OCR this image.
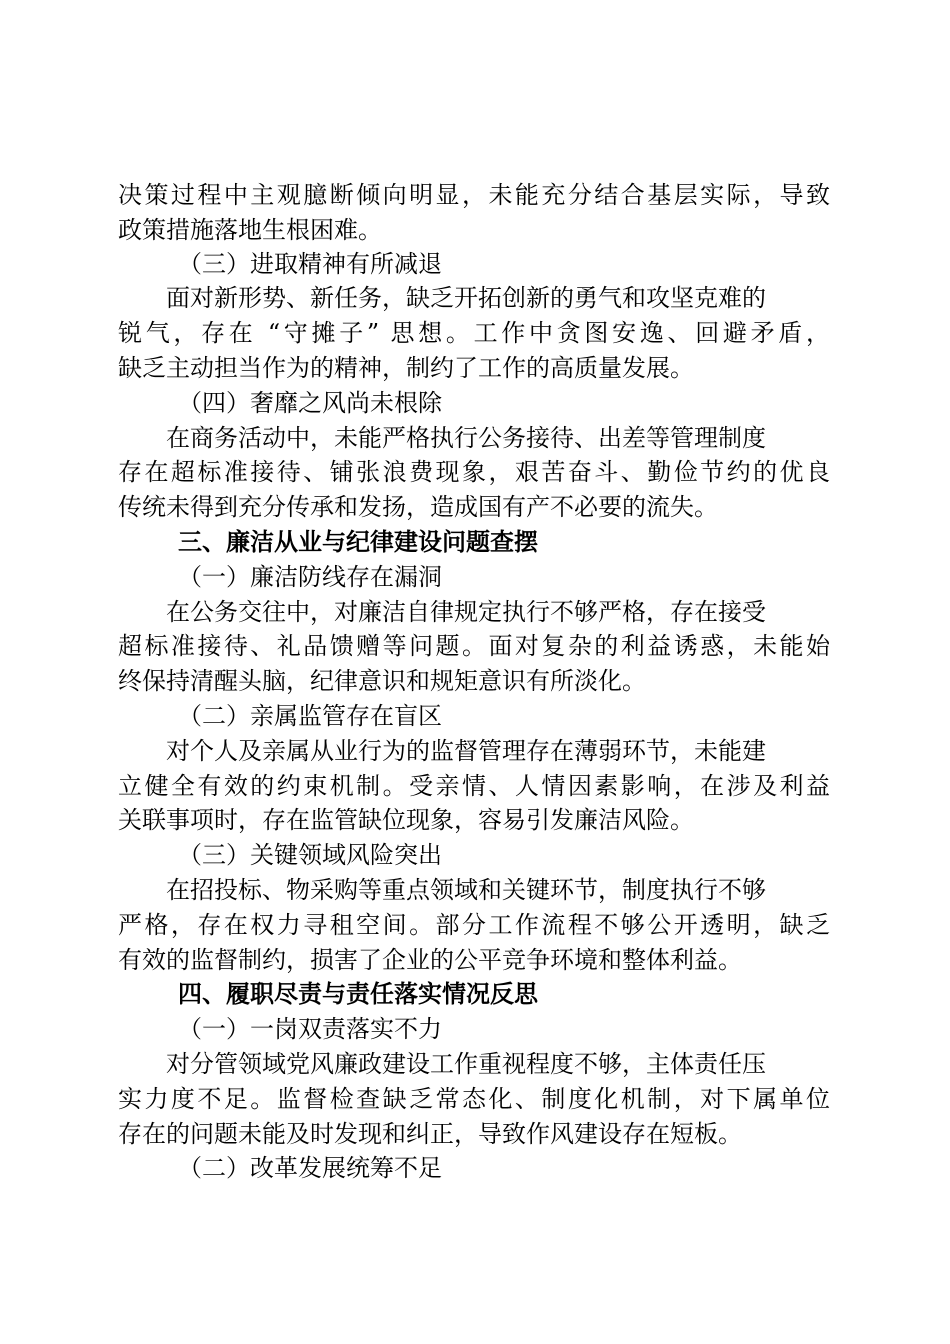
决策过程中主观臆断倾向明显，未能充分结合基层实际，导致
政策措施落地生根困难。
（三）进取精神有所减退
面对新形势、新任务，缺乏开拓创新的勇气和攻坚克难的
锐气，存在 “守摊子” 思想。工作中贪图安逸、回避矛盾，
缺乏主动担当作为的精神，制约了工作的高质量发展。
（四）奢靡之风尚未根除
在商务活动中，未能严格执行公务接待、出差等管理制度
存在超标准接待、铺张浪费现象，艰苦奋斗、勤俭节约的优良
传统未得到充分传承和发扬，造成国有产不必要的流失。
三、廉洁从业与纪律建设问题查摆
（一）廉洁防线存在漏洞
在公务交往中，对廉洁自律规定执行不够严格，存在接受
超标准接待、礼品馈赠等问题。面对复杂的利益诱惑，未能始
终保持清醒头脑，纪律意识和规矩意识有所淡化。
（二）亲属监管存在盲区
对个人及亲属从业行为的监督管理存在薄弱环节，未能建
立健全有效的约束机制。受亲情、人情因素影响，在涉及利益
关联事项时，存在监管缺位现象，容易引发廉洁风险。
（三）关键领域风险突出
在招投标、物采购等重点领域和关键环节，制度执行不够
严格，存在权力寻租空间。部分工作流程不够公开透明，缺乏
有效的监督制约，损害了企业的公平竞争环境和整体利益。
四、履职尽责与责任落实情况反思
（一）一岗双责落实不力
对分管领域党风廉政建设工作重视程度不够，主体责任压
实力度不足。监督检查缺乏常态化、制度化机制，对下属单位
存在的问题未能及时发现和纠正，导致作风建设存在短板。
（二）改革发展统筹不足
